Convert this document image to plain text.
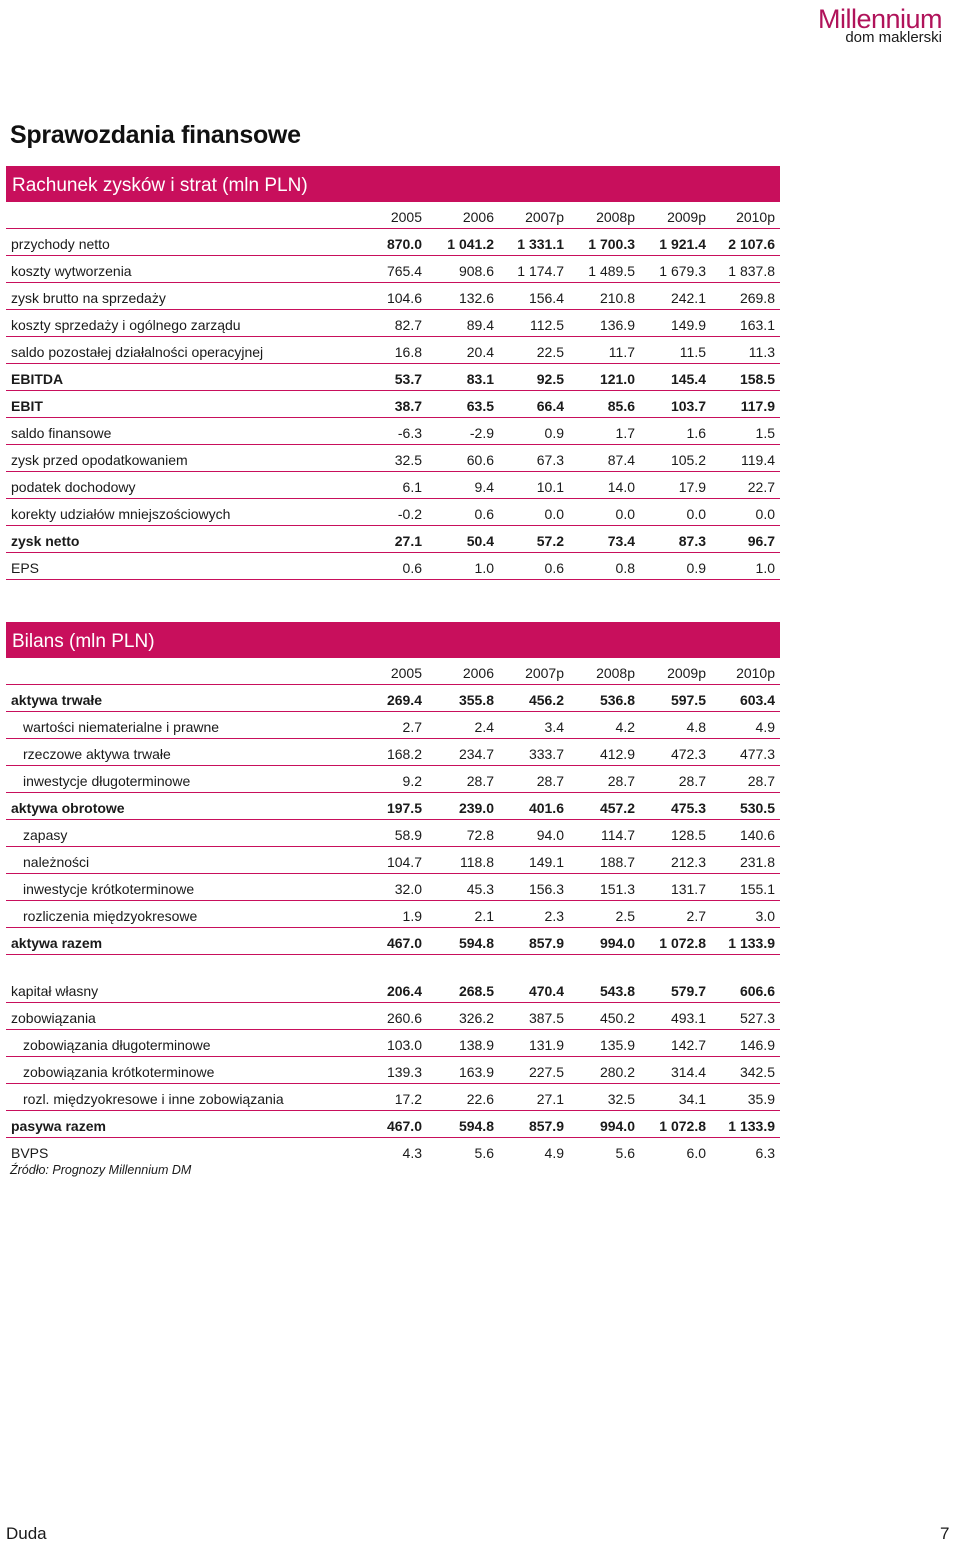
Millennium
dom maklerski
Sprawozdania finansowe
Rachunek zysków i strat (mln PLN)
2005	2006	2007p	2008p	2009p	2010p
przychody netto	870.0	1 041.2	1 331.1	1 700.3	1 921.4	2 107.6
koszty wytworzenia	765.4	908.6	1 174.7	1 489.5	1 679.3	1 837.8
zysk brutto na sprzedaży	104.6	132.6	156.4	210.8	242.1	269.8
koszty sprzedaży i ogólnego zarządu	82.7	89.4	112.5	136.9	149.9	163.1
saldo pozostałej działalności operacyjnej	16.8	20.4	22.5	11.7	11.5	11.3
EBITDA	53.7	83.1	92.5	121.0	145.4	158.5
EBIT	38.7	63.5	66.4	85.6	103.7	117.9
saldo finansowe	-6.3	-2.9	0.9	1.7	1.6	1.5
zysk przed opodatkowaniem	32.5	60.6	67.3	87.4	105.2	119.4
podatek dochodowy	6.1	9.4	10.1	14.0	17.9	22.7
korekty udziałów mniejszościowych	-0.2	0.6	0.0	0.0	0.0	0.0
zysk netto	27.1	50.4	57.2	73.4	87.3	96.7
EPS	0.6	1.0	0.6	0.8	0.9	1.0
Bilans (mln PLN)
2005	2006	2007p	2008p	2009p	2010p
aktywa trwałe	269.4	355.8	456.2	536.8	597.5	603.4
wartości niematerialne i prawne	2.7	2.4	3.4	4.2	4.8	4.9
rzeczowe aktywa trwałe	168.2	234.7	333.7	412.9	472.3	477.3
inwestycje długoterminowe	9.2	28.7	28.7	28.7	28.7	28.7
aktywa obrotowe	197.5	239.0	401.6	457.2	475.3	530.5
zapasy	58.9	72.8	94.0	114.7	128.5	140.6
należności	104.7	118.8	149.1	188.7	212.3	231.8
inwestycje krótkoterminowe	32.0	45.3	156.3	151.3	131.7	155.1
rozliczenia międzyokresowe	1.9	2.1	2.3	2.5	2.7	3.0
aktywa razem	467.0	594.8	857.9	994.0	1 072.8	1 133.9
kapitał własny	206.4	268.5	470.4	543.8	579.7	606.6
zobowiązania	260.6	326.2	387.5	450.2	493.1	527.3
zobowiązania długoterminowe	103.0	138.9	131.9	135.9	142.7	146.9
zobowiązania krótkoterminowe	139.3	163.9	227.5	280.2	314.4	342.5
rozl. międzyokresowe i inne zobowiązania	17.2	22.6	27.1	32.5	34.1	35.9
pasywa razem	467.0	594.8	857.9	994.0	1 072.8	1 133.9
BVPS	4.3	5.6	4.9	5.6	6.0	6.3
Źródło: Prognozy Millennium DM
Duda	7
